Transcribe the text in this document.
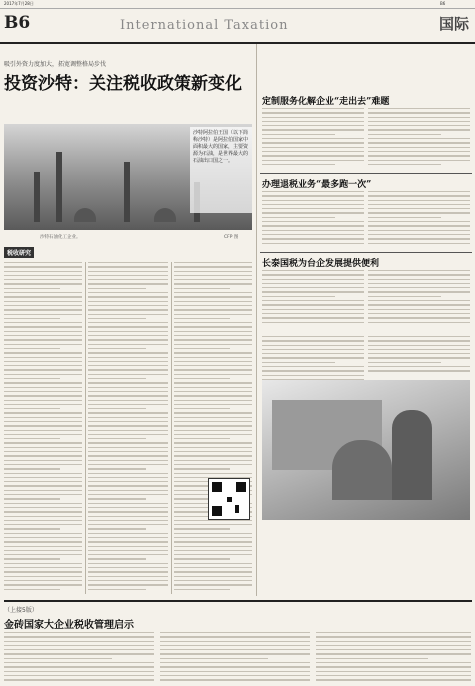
2017年7月28日	B6
B6	International Taxation	国际
吸引外资力度加大，拓宽调整格局步伐
投资沙特：关注税收政策新变化
沙特阿拉伯王国（以下简称沙特）是阿拉伯国家中面积最大的国家，主要资源为石油，是世界最大的石油出口国之一。
沙特石油化工企业。	CFP 图
税收研究
定制服务化解企业“走出去”难题
办理退税业务“最多跑一次”
长泰国税为台企发展提供便利
（上接5版）
金砖国家大企业税收管理启示
